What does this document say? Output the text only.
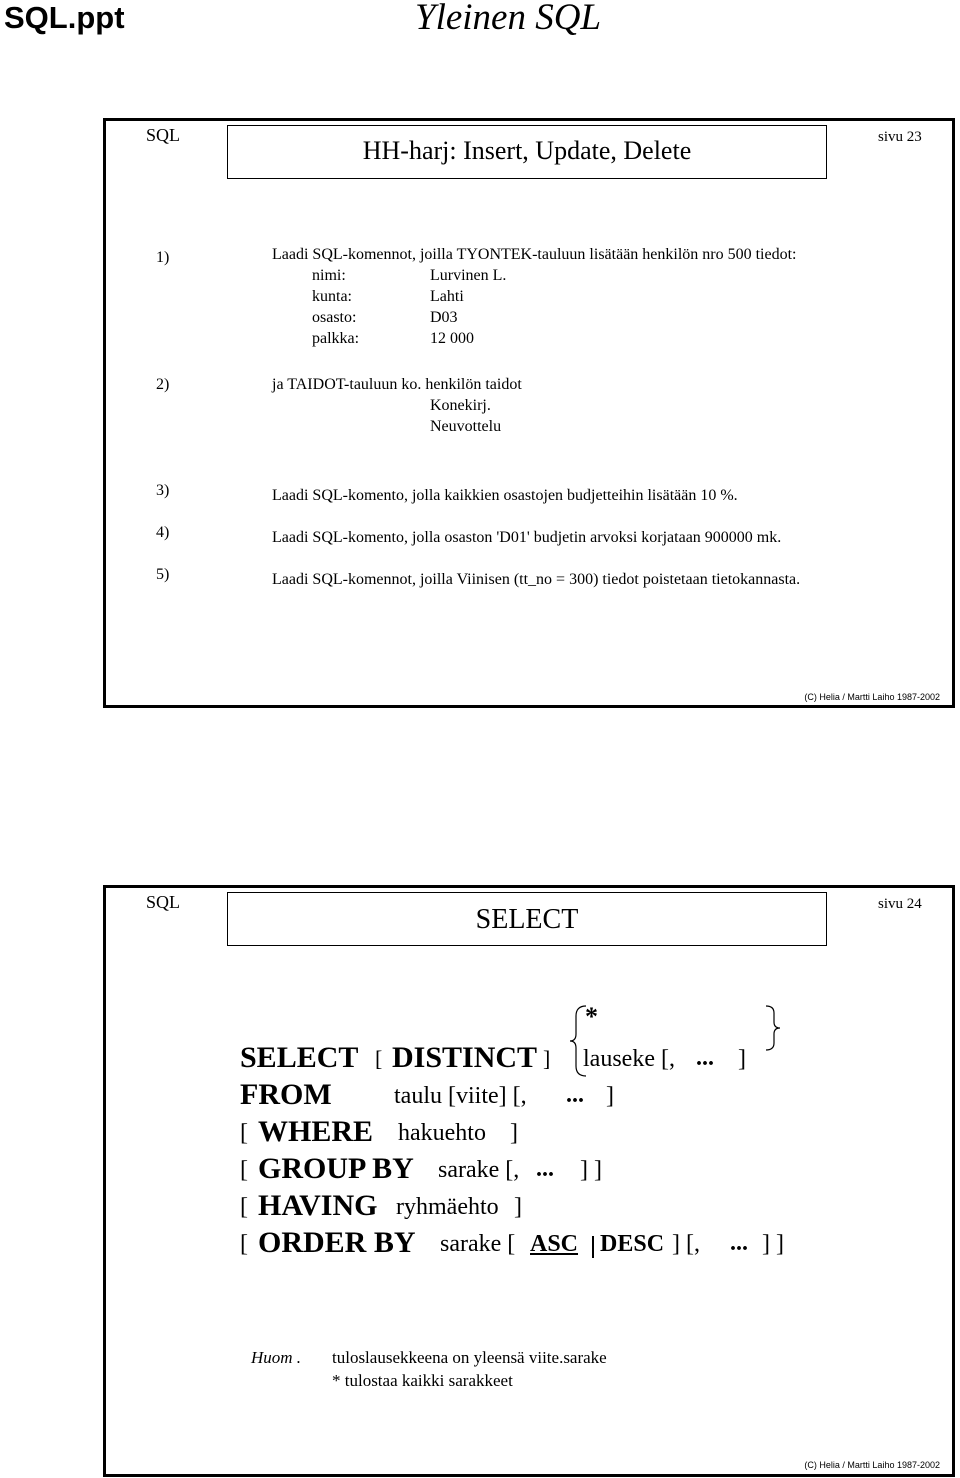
SQL.ppt	Yleinen SQL
SQL
HH-harj: Insert, Update, Delete	sivu 23
1)	Laadi SQL-komennot, joilla TYONTEK-tauluun lisätään henkilön nro 500 tiedot:
nimi:	Lurvinen L.
kunta:	Lahti
osasto:	D03
palkka:	12 000
2)	ja TAIDOT-tauluun ko. henkilön taidot
Konekirj.
Neuvottelu
3)	Laadi SQL-komento, jolla kaikkien osastojen budjetteihin lisätään 10 %.
4)	Laadi SQL-komento, jolla osaston 'D01' budjetin arvoksi korjataan 900000 mk.
5)	Laadi SQL-komennot, joilla Viinisen (tt_no = 300) tiedot poistetaan tietokannasta.
(C) Helia / Martti Laiho 1987-2002
SQL
SELECT	sivu 24
*
SELECT [ DISTINCT ] lauseke [, ... ]
FROM	taulu [viite] [, ... ]
[ WHERE hakuehto ]
[ GROUP BY sarake [, ... ] ]
[ HAVING ryhmäehto ]
[ ORDER BY sarake [ ASC DESC ] [, ... ] ]
Huom . tuloslausekkeena on yleensä viite.sarake
* tulostaa kaikki sarakkeet
(C) Helia / Martti Laiho 1987-2002
